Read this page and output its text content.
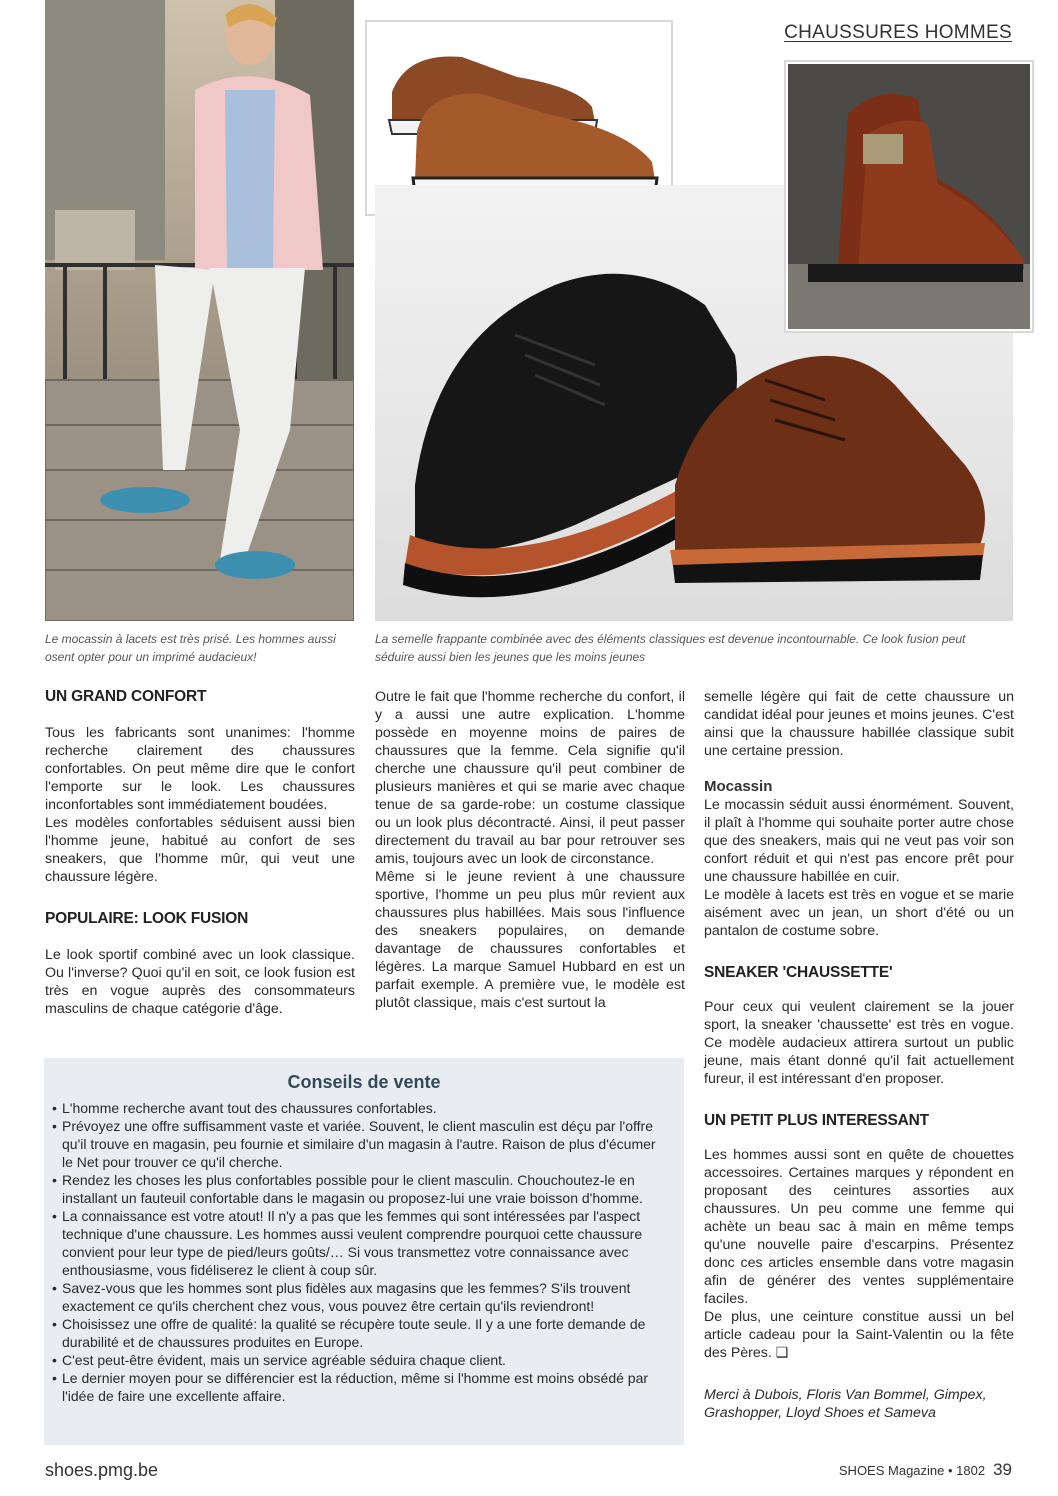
CHAUSSURES HOMMES
Le mocassin à lacets est très prisé. Les hommes aussi osent opter pour un imprimé audacieux!
La semelle frappante combinée avec des éléments classiques est devenue incontournable. Ce look fusion peut séduire aussi bien les jeunes que les moins jeunes
UN GRAND CONFORT

Tous les fabricants sont unanimes: l'homme recherche clairement des chaussures confortables. On peut même dire que le confort l'emporte sur le look. Les chaussures inconfortables sont immédiatement boudées.

Les modèles confortables séduisent aussi bien l'homme jeune, habitué au confort de ses sneakers, que l'homme mûr, qui veut une chaussure légère.

POPULAIRE: LOOK FUSION

Le look sportif combiné avec un look classique. Ou l'inverse? Quoi qu'il en soit, ce look fusion est très en vogue auprès des consommateurs masculins de chaque catégorie d'âge.

Outre le fait que l'homme recherche du confort, il y a aussi une autre explication. L'homme possède en moyenne moins de paires de chaussures que la femme. Cela signifie qu'il cherche une chaussure qu'il peut combiner de plusieurs manières et qui se marie avec chaque tenue de sa garde-robe: un costume classique ou un look plus décontracté. Ainsi, il peut passer directement du travail au bar pour retrouver ses amis, toujours avec un look de circonstance.

Même si le jeune revient à une chaussure sportive, l'homme un peu plus mûr revient aux chaussures plus habillées. Mais sous l'influence des sneakers populaires, on demande davantage de chaussures confortables et légères. La marque Samuel Hubbard en est un parfait exemple. A première vue, le modèle est plutôt classique, mais c'est surtout la

semelle légère qui fait de cette chaussure un candidat idéal pour jeunes et moins jeunes. C'est ainsi que la chaussure habillée classique subit une certaine pression.

Mocassin

Le mocassin séduit aussi énormément. Souvent, il plaît à l'homme qui souhaite porter autre chose que des sneakers, mais qui ne veut pas voir son confort réduit et qui n'est pas encore prêt pour une chaussure habillée en cuir.

Le modèle à lacets est très en vogue et se marie aisément avec un jean, un short d'été ou un pantalon de costume sobre.

SNEAKER 'CHAUSSETTE'

Pour ceux qui veulent clairement se la jouer sport, la sneaker 'chaussette' est très en vogue. Ce modèle audacieux attirera surtout un public jeune, mais étant donné qu'il fait actuellement fureur, il est intéressant d'en proposer.

UN PETIT PLUS INTERESSANT

Les hommes aussi sont en quête de chouettes accessoires. Certaines marques y répondent en proposant des ceintures assorties aux chaussures. Un peu comme une femme qui achète un beau sac à main en même temps qu'une nouvelle paire d'escarpins. Présentez donc ces articles ensemble dans votre magasin afin de générer des ventes supplémentaire faciles.

De plus, une ceinture constitue aussi un bel article cadeau pour la Saint-Valentin ou la fête des Pères. ❑

Merci à Dubois, Floris Van Bommel, Gimpex, Grashopper, Lloyd Shoes et Sameva

Conseils de vente
• L'homme recherche avant tout des chaussures confortables.
• Prévoyez une offre suffisamment vaste et variée. Souvent, le client masculin est déçu par l'offre qu'il trouve en magasin, peu fournie et similaire d'un magasin à l'autre. Raison de plus d'écumer le Net pour trouver ce qu'il cherche.
• Rendez les choses les plus confortables possible pour le client masculin. Chouchoutez-le en installant un fauteuil confortable dans le magasin ou proposez-lui une vraie boisson d'homme.
• La connaissance est votre atout! Il n'y a pas que les femmes qui sont intéressées par l'aspect technique d'une chaussure. Les hommes aussi veulent comprendre pourquoi cette chaussure convient pour leur type de pied/leurs goûts/… Si vous transmettez votre connaissance avec enthousiasme, vous fidéliserez le client à coup sûr.
• Savez-vous que les hommes sont plus fidèles aux magasins que les femmes? S'ils trouvent exactement ce qu'ils cherchent chez vous, vous pouvez être certain qu'ils reviendront!
• Choisissez une offre de qualité: la qualité se récupère toute seule. Il y a une forte demande de durabilité et de chaussures produites en Europe.
• C'est peut-être évident, mais un service agréable séduira chaque client.
• Le dernier moyen pour se différencier est la réduction, même si l'homme est moins obsédé par l'idée de faire une excellente affaire.
shoes.pmg.be	SHOES Magazine • 1802 39
